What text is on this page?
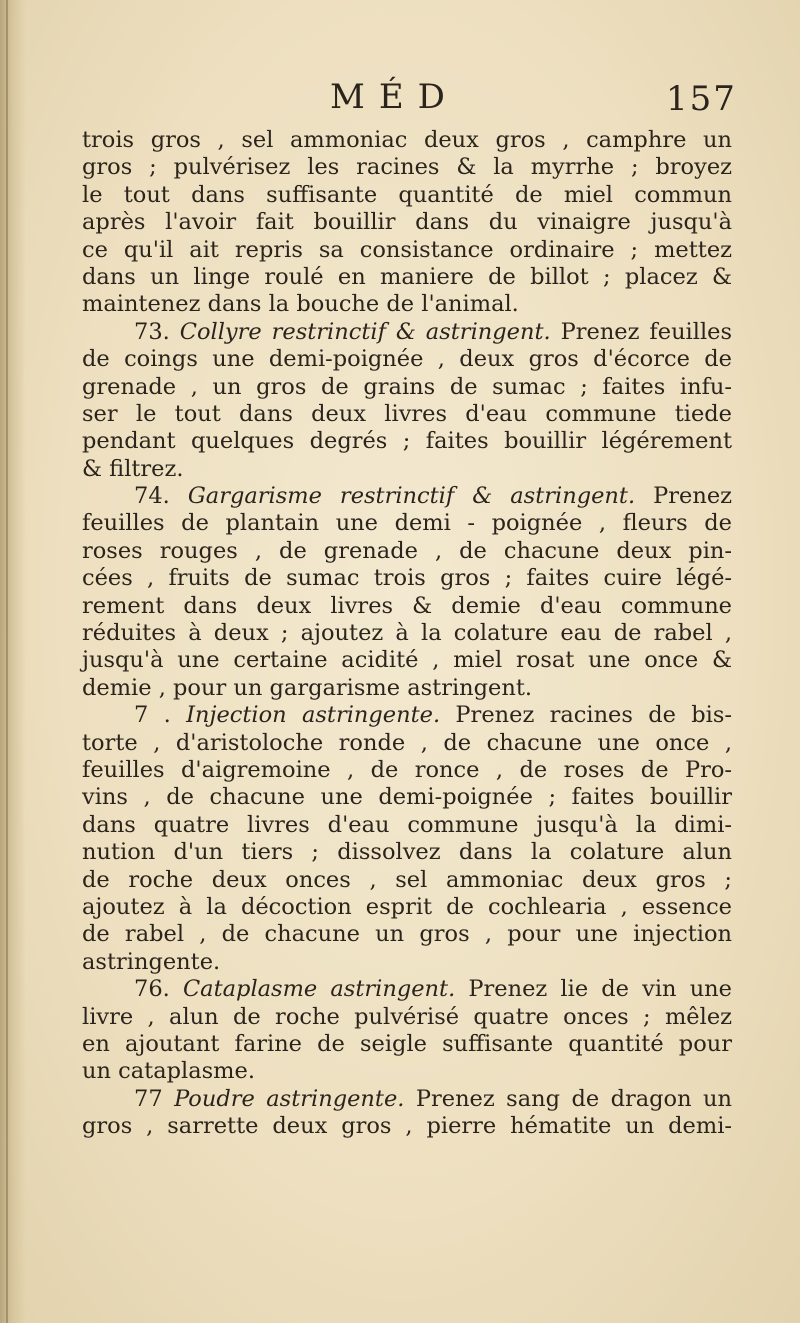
MÉD	157
trois gros , sel ammoniac deux gros , camphre un
gros ; pulvérisez les racines & la myrrhe ; broyez
le tout dans suffisante quantité de miel commun
après l'avoir fait bouillir dans du vinaigre jusqu'à
ce qu'il ait repris sa consistance ordinaire ; mettez
dans un linge roulé en maniere de billot ; placez &
maintenez dans la bouche de l'animal.
73. Collyre restrinctif & astringent. Prenez feuilles
de coings une demi-poignée , deux gros d'écorce de
grenade , un gros de grains de sumac ; faites infu-
ser le tout dans deux livres d'eau commune tiede
pendant quelques degrés ; faites bouillir légérement
& filtrez.
74. Gargarisme restrinctif & astringent. Prenez
feuilles de plantain une demi - poignée , fleurs de
roses rouges , de grenade , de chacune deux pin-
cées , fruits de sumac trois gros ; faites cuire légé-
rement dans deux livres & demie d'eau commune
réduites à deux ; ajoutez à la colature eau de rabel ,
jusqu'à une certaine acidité , miel rosat une once &
demie , pour un gargarisme astringent.
7 . Injection astringente. Prenez racines de bis-
torte , d'aristoloche ronde , de chacune une once ,
feuilles d'aigremoine , de ronce , de roses de Pro-
vins , de chacune une demi-poignée ; faites bouillir
dans quatre livres d'eau commune jusqu'à la dimi-
nution d'un tiers ; dissolvez dans la colature alun
de roche deux onces , sel ammoniac deux gros ;
ajoutez à la décoction esprit de cochlearia , essence
de rabel , de chacune un gros , pour une injection
astringente.
76. Cataplasme astringent. Prenez lie de vin une
livre , alun de roche pulvérisé quatre onces ; mêlez
en ajoutant farine de seigle suffisante quantité pour
un cataplasme.
77 Poudre astringente. Prenez sang de dragon un
gros , sarrette deux gros , pierre hématite un demi-
